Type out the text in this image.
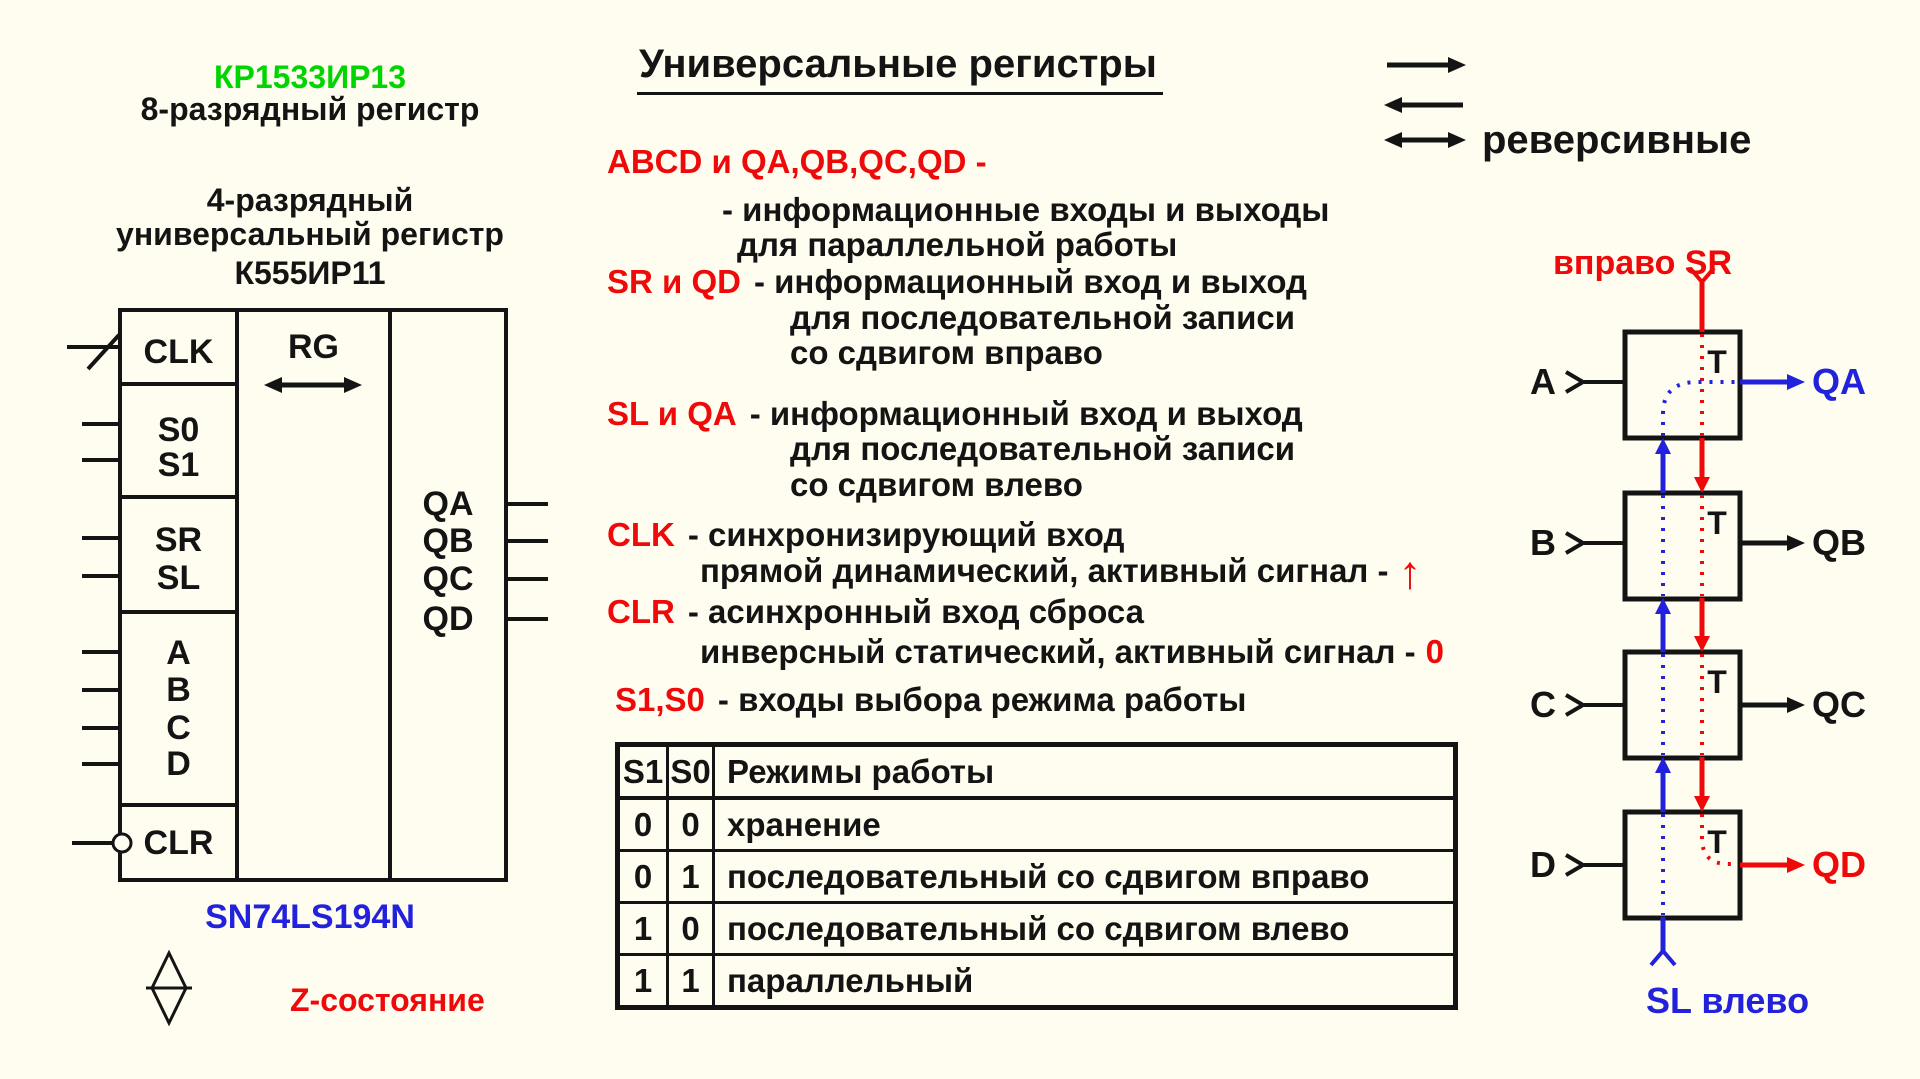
T
T
T
T
A
B
C
D
QA
QB
QC
QD
КР1533ИР13
8-разрядный регистр
4-разрядный
универсальный регистр
К555ИР11
CLK
S0
S1
SR
SL
A
B
C
D
CLR
RG
QA
QB
QC
QD
SN74LS194N
Z-состояние
Универсальные регистры
ABCD и QA,QB,QC,QD -
- информационные входы и выходы
для параллельной работы
SR и QD - информационный вход и выход
для последовательной записи
со сдвигом вправо
SL и QA - информационный вход и выход
для последовательной записи
со сдвигом влево
CLK - синхронизирующий вход
прямой динамический, активный сигнал - ↑
CLR - асинхронный вход сброса
инверсный статический, активный сигнал - 0
S1,S0 - входы выбора режима работы
реверсивные
S1	S0	Режимы работы
0	0	хранение
0	1	последовательный со сдвигом вправо
1	0	последовательный со сдвигом влево
1	1	параллельный
вправо SR
SL влево
